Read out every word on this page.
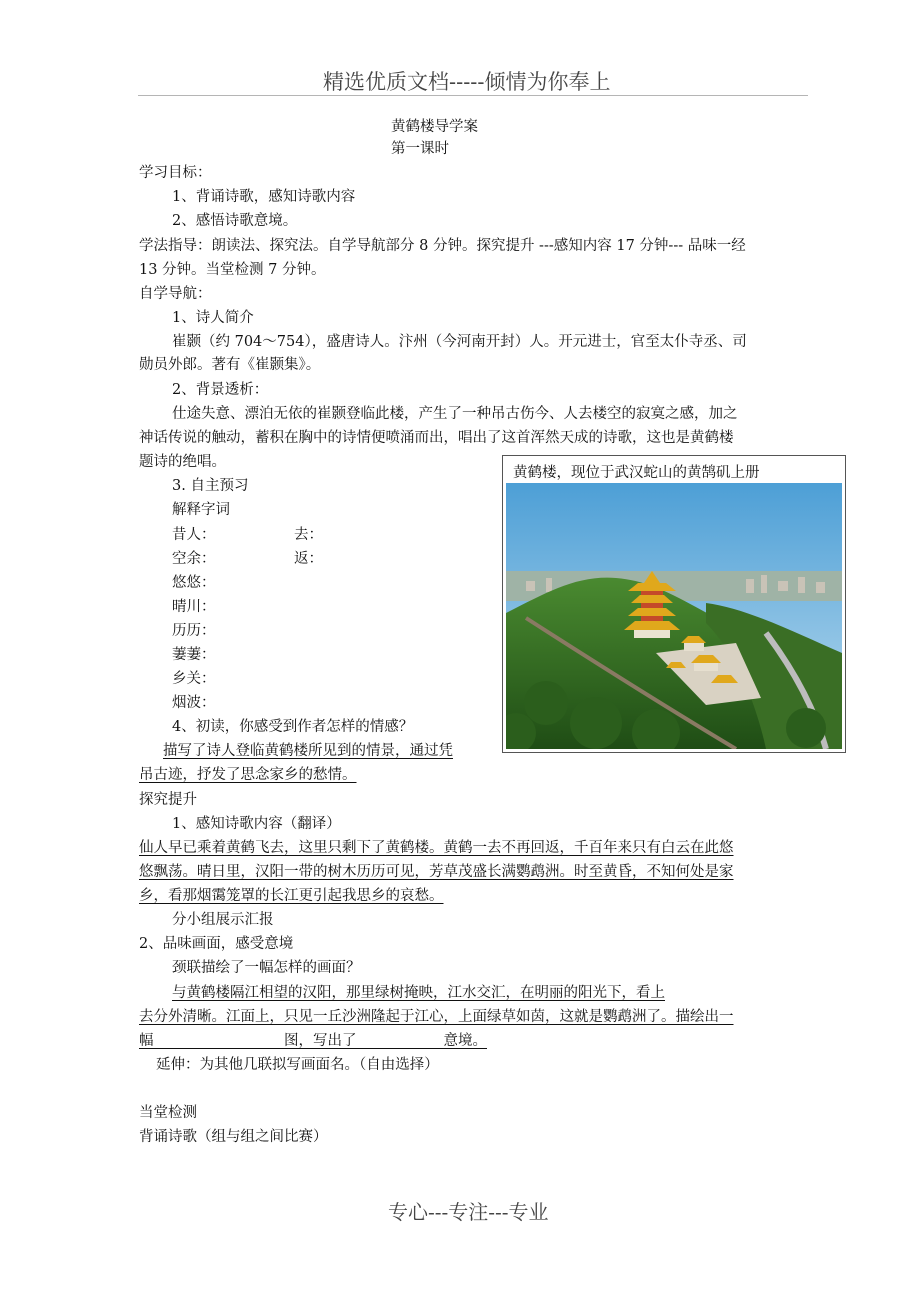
精选优质文档-----倾情为你奉上
黄鹤楼导学案
第一课时
学习目标：
1、背诵诗歌，感知诗歌内容
2、感悟诗歌意境。
学法指导：朗读法、探究法。自学导航部分 8 分钟。探究提升 ---感知内容 17 分钟--- 品味一经
13 分钟。当堂检测 7 分钟。
自学导航：
1、诗人简介
崔颢（约 704～754），盛唐诗人。汴州（今河南开封）人。开元进士，官至太仆寺丞、司
勋员外郎。著有《崔颢集》。
2、背景透析：
仕途失意、漂泊无依的崔颢登临此楼，产生了一种吊古伤今、人去楼空的寂寞之感，加之
神话传说的触动，蓄积在胸中的诗情便喷涌而出，唱出了这首浑然天成的诗歌，这也是黄鹤楼
题诗的绝唱。
3. 自主预习
解释字词
昔人：	去：
空余：	返：
悠悠：
晴川：
历历：
萋萋：
乡关：
烟波：
4、初读，你感受到作者怎样的情感？
描写了诗人登临黄鹤楼所见到的情景，通过凭
吊古迹，抒发了思念家乡的愁情。
黄鹤楼，现位于武汉蛇山的黄鹄矶上册
探究提升
1、感知诗歌内容（翻译）
仙人早已乘着黄鹤飞去，这里只剩下了黄鹤楼。黄鹤一去不再回返，千百年来只有白云在此悠
悠飘荡。晴日里，汉阳一带的树木历历可见，芳草茂盛长满鹦鹉洲。时至黄昏，不知何处是家
乡，看那烟霭笼罩的长江更引起我思乡的哀愁。
分小组展示汇报
2、品味画面，感受意境
颈联描绘了一幅怎样的画面？
与黄鹤楼隔江相望的汉阳，那里绿树掩映，江水交汇，在明丽的阳光下，看上
去分外清晰。江面上，只见一丘沙洲隆起于江心，上面绿草如茵，这就是鹦鹉洲了。描绘出一
幅　　　　　　　　　图，写出了　　　　　　意境。
延伸：为其他几联拟写画面名。（自由选择）
当堂检测
背诵诗歌（组与组之间比赛）
专心---专注---专业
